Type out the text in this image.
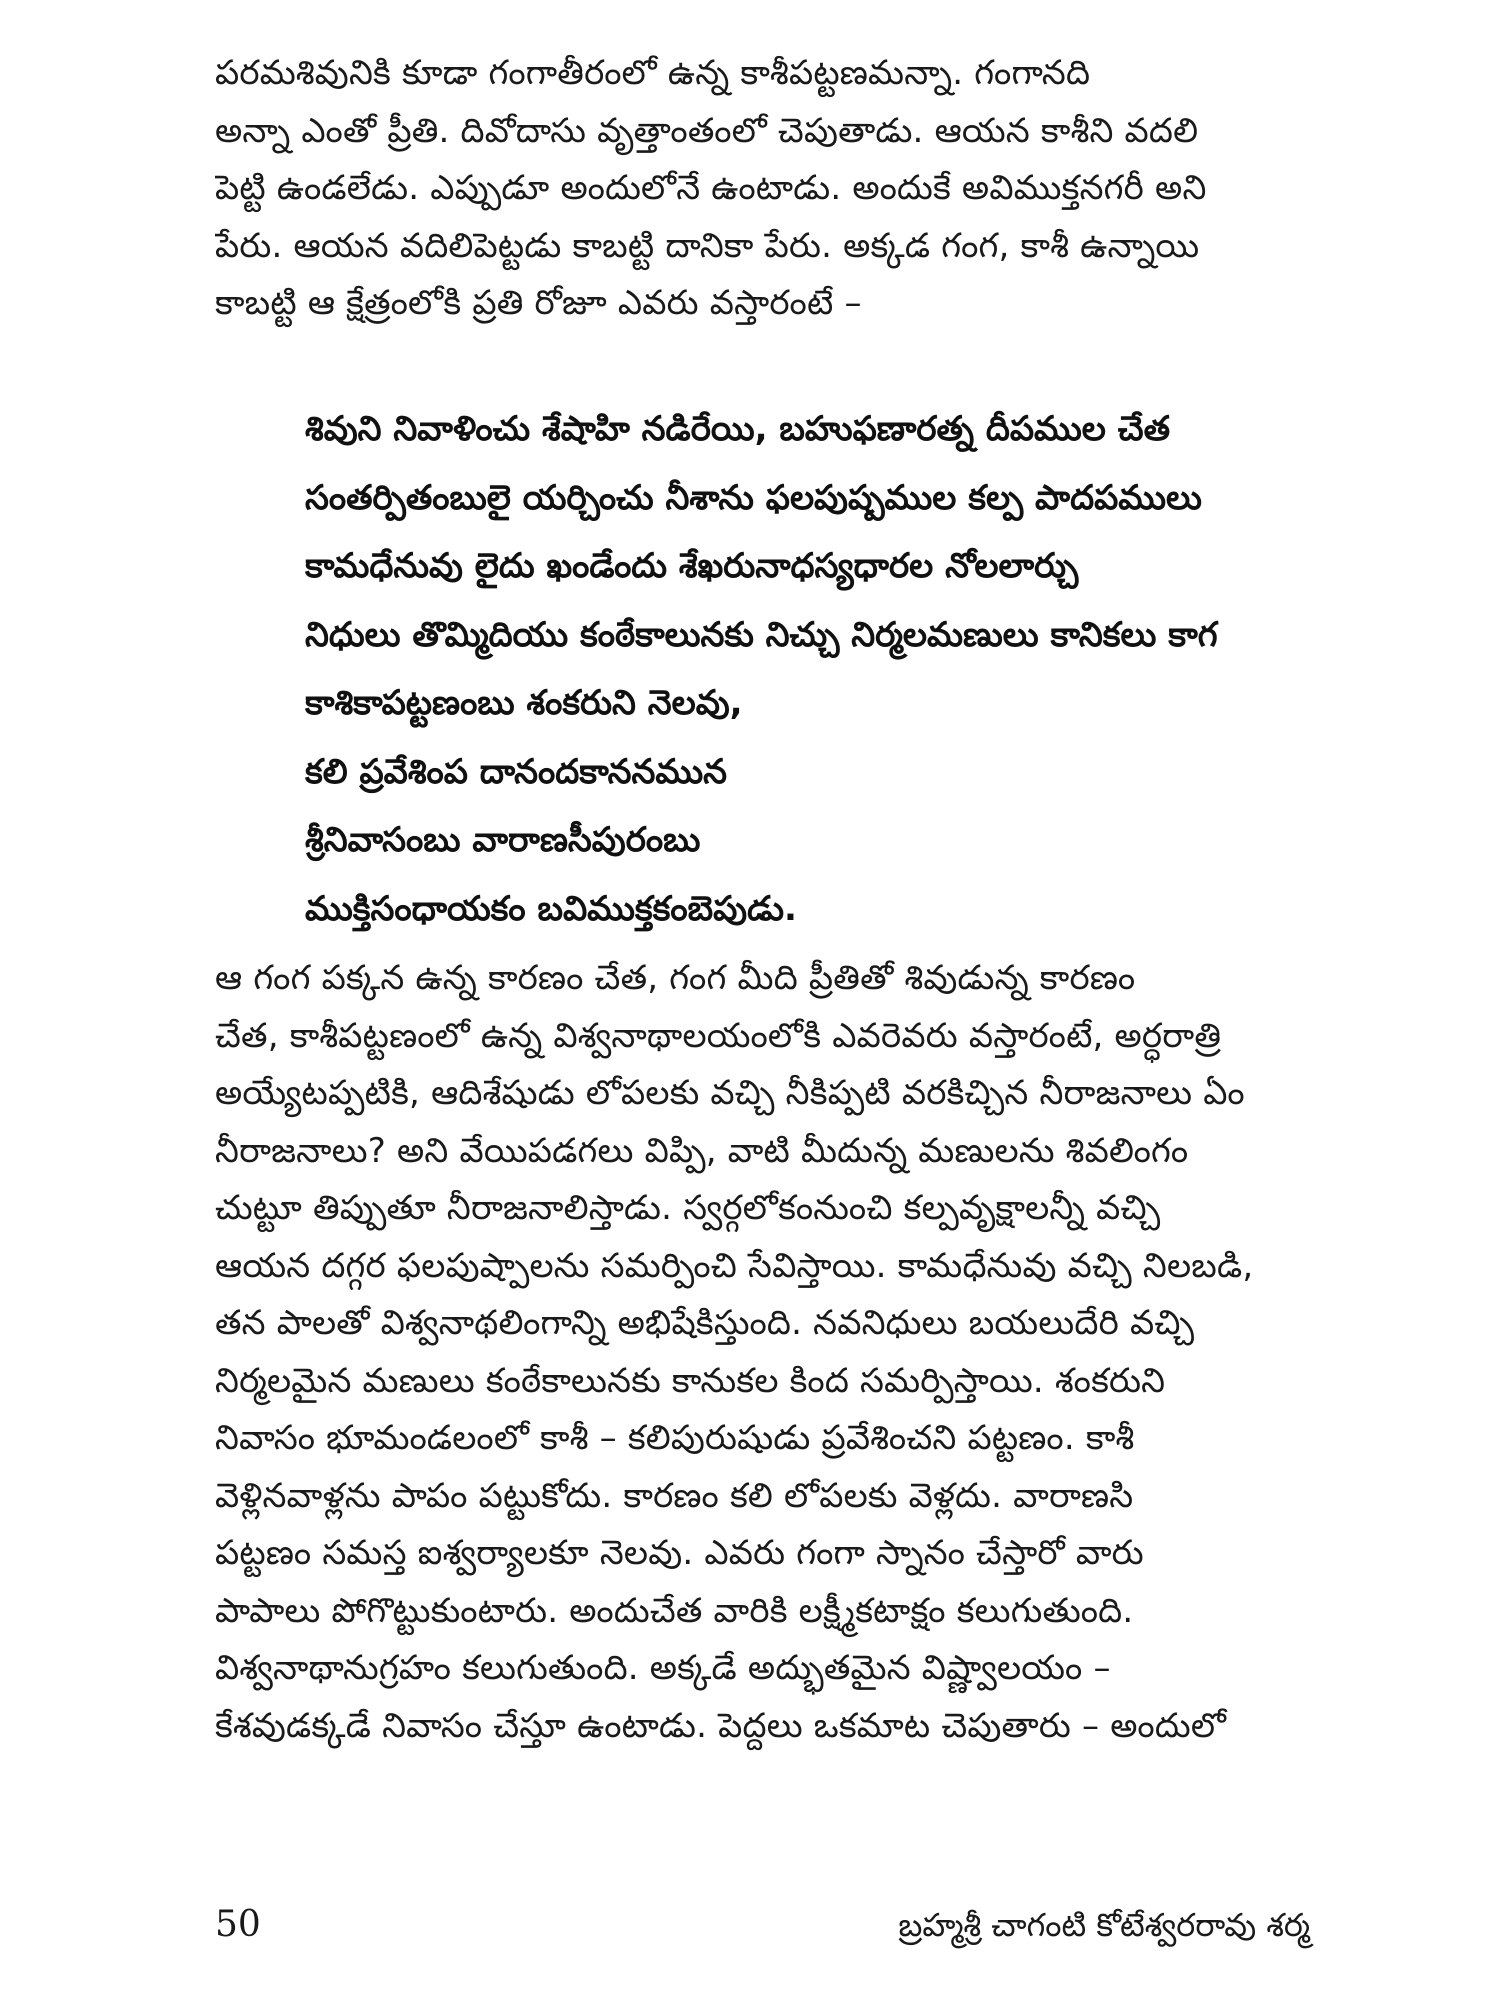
పరమశివునికి కూడా గంగాతీరంలో ఉన్న కాశీపట్టణమన్నా. గంగానది
అన్నా ఎంతో ప్రీతి. దివోదాసు వృత్తాంతంలో చెపుతాడు. ఆయన కాశీని వదలి
పెట్టి ఉండలేడు. ఎప్పుడూ అందులోనే ఉంటాడు. అందుకే అవిముక్తనగరీ అని
పేరు. ఆయన వదిలిపెట్టడు కాబట్టి దానికా పేరు. అక్కడ గంగ, కాశీ ఉన్నాయి
కాబట్టి ఆ క్షేత్రంలోకి ప్రతి రోజూ ఎవరు వస్తారంటే –
శివుని నివాళించు శేషాహి నడిరేయి, బహుఫణారత్న దీపముల చేత
సంతర్పితంబులై యర్చించు నీశాను ఫలపుష్పముల కల్ప పాదపములు
కామధేనువు లైదు ఖండేందు శేఖరునాధస్యధారల నోలలార్చు
నిధులు తొమ్మిదియు కంఠేకాలునకు నిచ్చు నిర్మలమణులు కానికలు కాగ
కాశికాపట్టణంబు శంకరుని నెలవు,
కలి ప్రవేశింప దానందకాననమున
శ్రీనివాసంబు వారాణసీపురంబు
ముక్తిసంధాయకం బవిముక్తకంబెపుడు.
ఆ గంగ పక్కన ఉన్న కారణం చేత, గంగ మీది ప్రీతితో శివుడున్న కారణం
చేత, కాశీపట్టణంలో ఉన్న విశ్వనాథాలయంలోకి ఎవరెవరు వస్తారంటే, అర్ధరాత్రి
అయ్యేటప్పటికి, ఆదిశేషుడు లోపలకు వచ్చి నీకిప్పటి వరకిచ్చిన నీరాజనాలు ఏం
నీరాజనాలు? అని వేయిపడగలు విప్పి, వాటి మీదున్న మణులను శివలింగం
చుట్టూ తిప్పుతూ నీరాజనాలిస్తాడు. స్వర్గలోకంనుంచి కల్పవృక్షాలన్నీ వచ్చి
ఆయన దగ్గర ఫలపుష్పాలను సమర్పించి సేవిస్తాయి. కామధేనువు వచ్చి నిలబడి,
తన పాలతో విశ్వనాథలింగాన్ని అభిషేకిస్తుంది. నవనిధులు బయలుదేరి వచ్చి
నిర్మలమైన మణులు కంఠేకాలునకు కానుకల కింద సమర్పిస్తాయి. శంకరుని
నివాసం భూమండలంలో కాశీ – కలిపురుషుడు ప్రవేశించని పట్టణం. కాశీ
వెళ్లినవాళ్లను పాపం పట్టుకోదు. కారణం కలి లోపలకు వెళ్లదు. వారాణసి
పట్టణం సమస్త ఐశ్వర్యాలకూ నెలవు. ఎవరు గంగా స్నానం చేస్తారో వారు
పాపాలు పోగొట్టుకుంటారు. అందుచేత వారికి లక్ష్మీకటాక్షం కలుగుతుంది.
విశ్వనాథానుగ్రహం కలుగుతుంది. అక్కడే అద్భుతమైన విష్ణ్వాలయం –
కేశవుడక్కడే నివాసం చేస్తూ ఉంటాడు. పెద్దలు ఒకమాట చెపుతారు – అందులో
50	బ్రహ్మశ్రీ చాగంటి కోటేశ్వరరావు శర్మ
